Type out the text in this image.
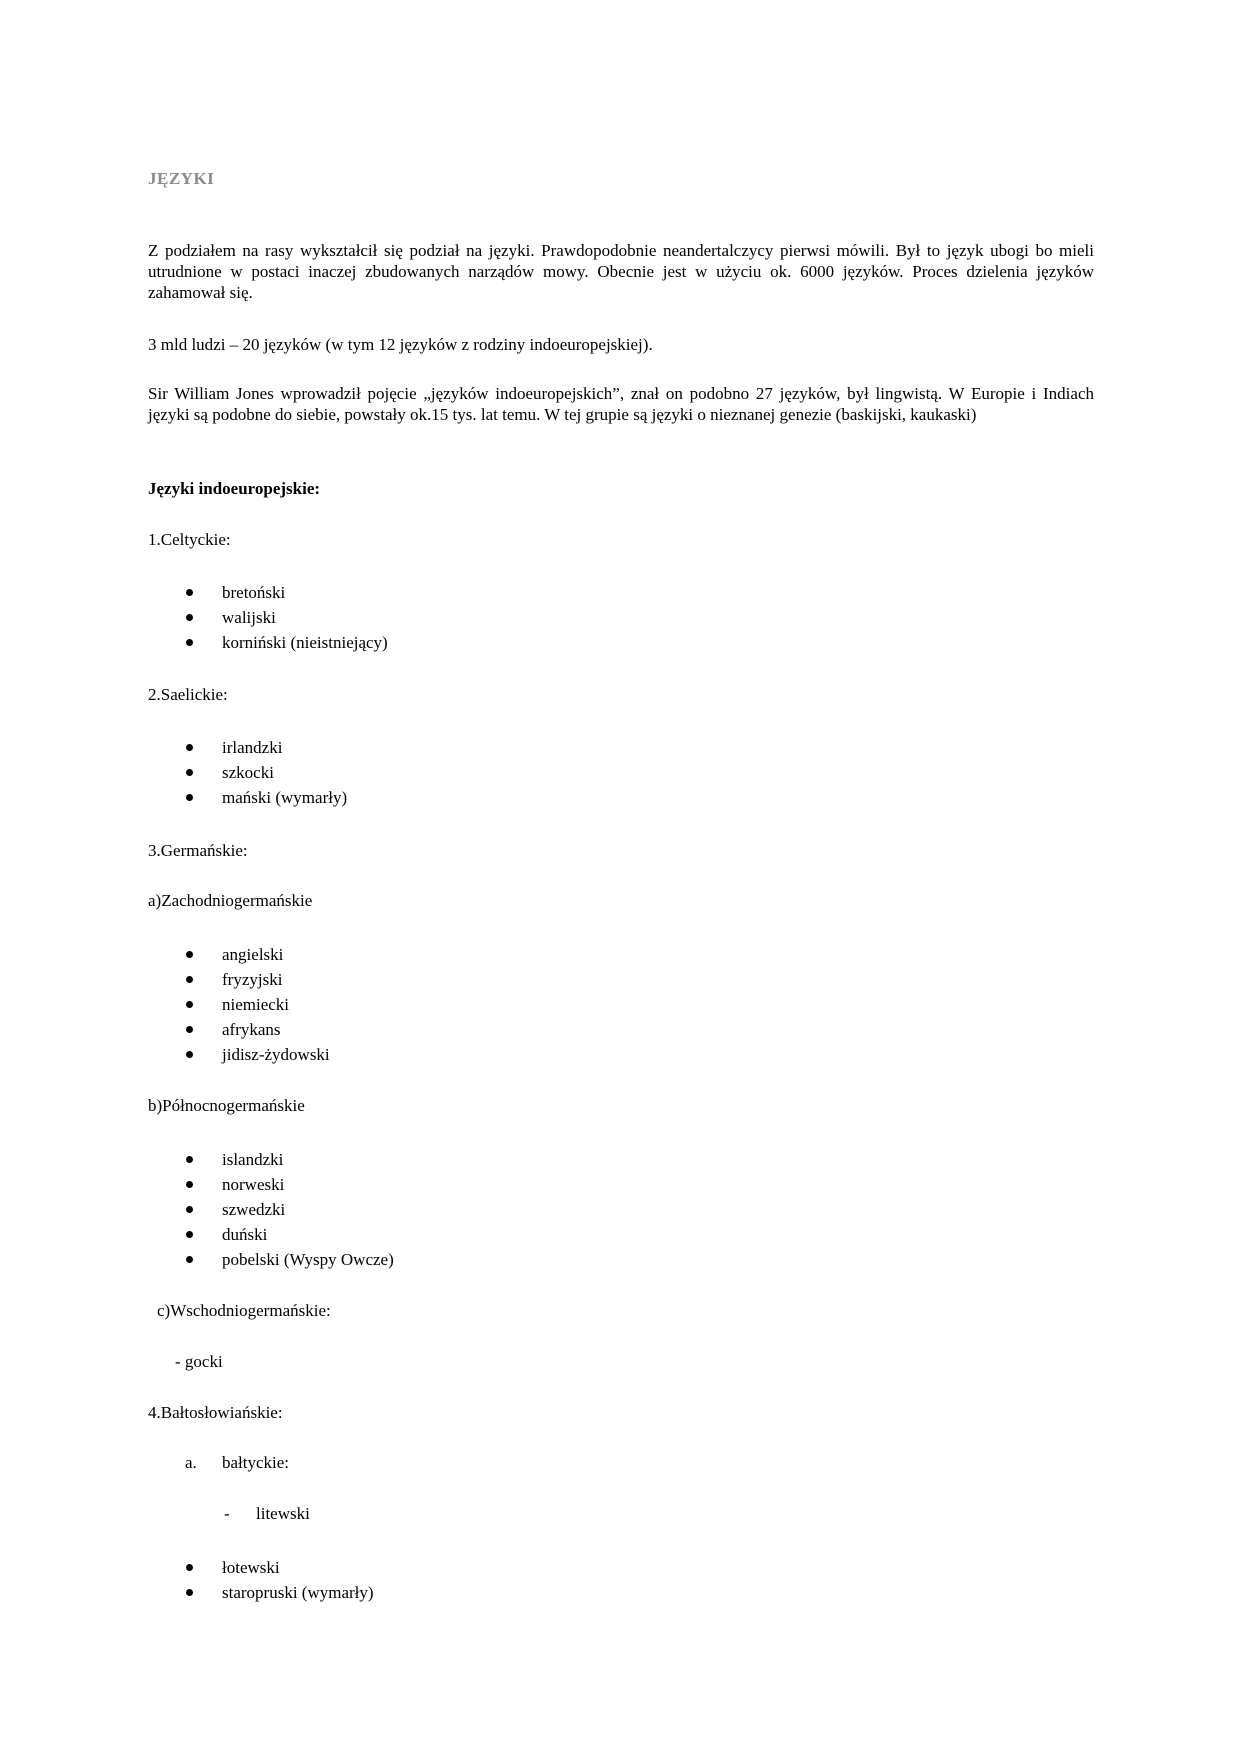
JĘZYKI

Z podziałem na rasy wykształcił się podział na języki. Prawdopodobnie neandertalczycy pierwsi mówili. Był to język ubogi bo mieli utrudnione w postaci inaczej zbudowanych narządów mowy. Obecnie jest w użyciu ok. 6000 języków. Proces dzielenia języków zahamował się.

3 mld ludzi – 20 języków (w tym 12 języków z rodziny indoeuropejskiej).

Sir William Jones wprowadził pojęcie „języków indoeuropejskich”, znał on podobno 27 języków, był lingwistą. W Europie i Indiach języki są podobne do siebie, powstały ok.15 tys. lat temu. W tej grupie są języki o nieznanej genezie (baskijski, kaukaski)

Języki indoeuropejskie:

1.Celtyckie:

bretoński
walijski
korniński (nieistniejący)

2.Saelickie:

irlandzki
szkocki
mański (wymarły)

3.Germańskie:

a)Zachodniogermańskie

angielski
fryzyjski
niemiecki
afrykans
jidisz-żydowski

b)Północnogermańskie

islandzki
norweski
szwedzki
duński
pobelski (Wyspy Owcze)

c)Wschodniogermańskie:

- gocki

4.Bałtosłowiańskie:

a. bałtyckie:

- litewski

łotewski
staropruski (wymarły)
